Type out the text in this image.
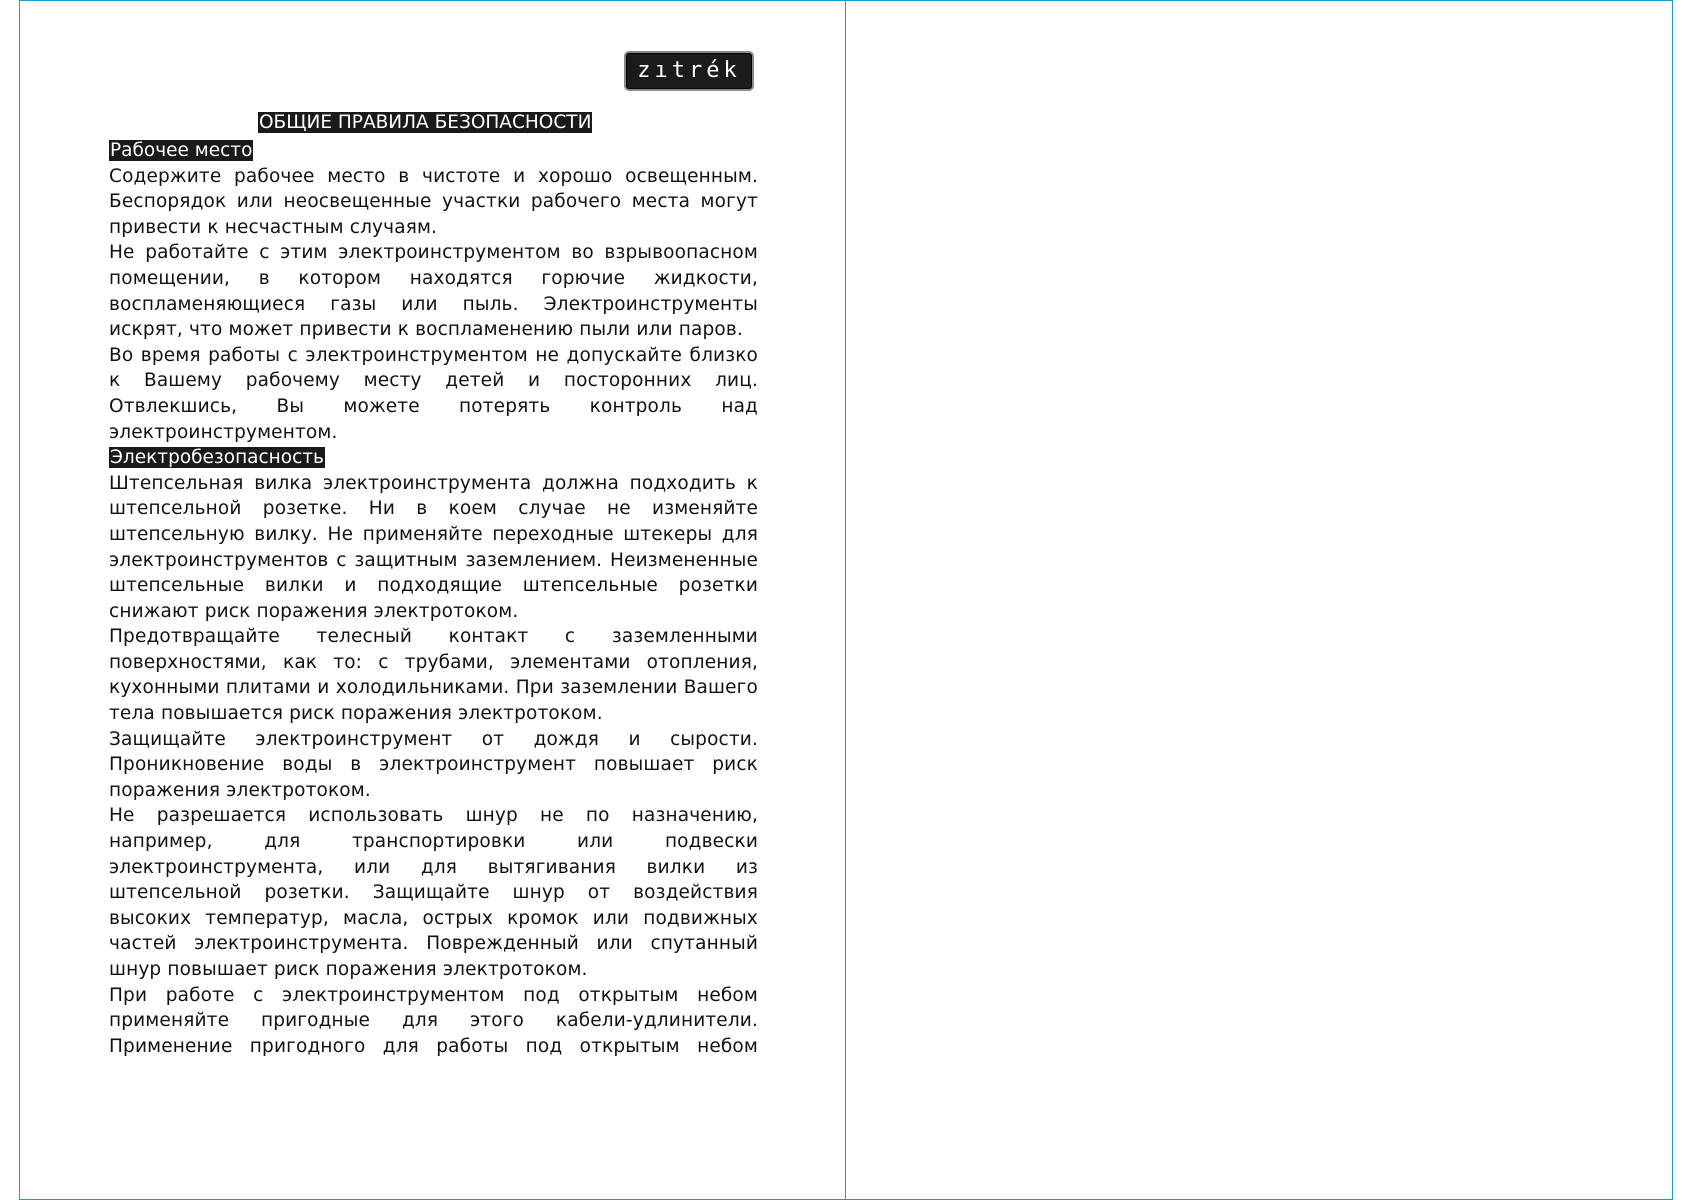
zıtrék
ОБЩИЕ ПРАВИЛА БЕЗОПАСНОСТИ
Рабочее место

Содержите рабочее место в чистоте и хорошо освещенным. Беспорядок или неосвещенные участки рабочего места могут привести к несчастным случаям.

Не работайте с этим электроинструментом во взрывоопасном помещении, в котором находятся горючие жидкости, воспламеняющиеся газы или пыль. Электроинструменты искрят, что может привести к воспламенению пыли или паров.

Во время работы с электроинструментом не допускайте близко к Вашему рабочему месту детей и посторонних лиц. Отвлекшись, Вы можете потерять контроль над электроинструментом.

Электробезопасность

Штепсельная вилка электроинструмента должна подходить к штепсельной розетке. Ни в коем случае не изменяйте штепсельную вилку. Не применяйте переходные штекеры для электроинструментов с защитным заземлением. Неизмененные штепсельные вилки и подходящие штепсельные розетки снижают риск поражения электротоком.

Предотвращайте телесный контакт с заземленными поверхностями, как то: с трубами, элементами отопления, кухонными плитами и холодильниками. При заземлении Вашего тела повышается риск поражения электротоком.

Защищайте электроинструмент от дождя и сырости. Проникновение воды в электроинструмент повышает риск поражения электротоком.

Не разрешается использовать шнур не по назначению, например, для транспортировки или подвески электроинструмента, или для вытягивания вилки из штепсельной розетки. Защищайте шнур от воздействия высоких температур, масла, острых кромок или подвижных частей электроинструмента. Поврежденный или спутанный шнур повышает риск поражения электротоком.

При работе с электроинструментом под открытым небом применяйте пригодные для этого кабели-удлинители. Применение пригодного для работы под открытым небом
